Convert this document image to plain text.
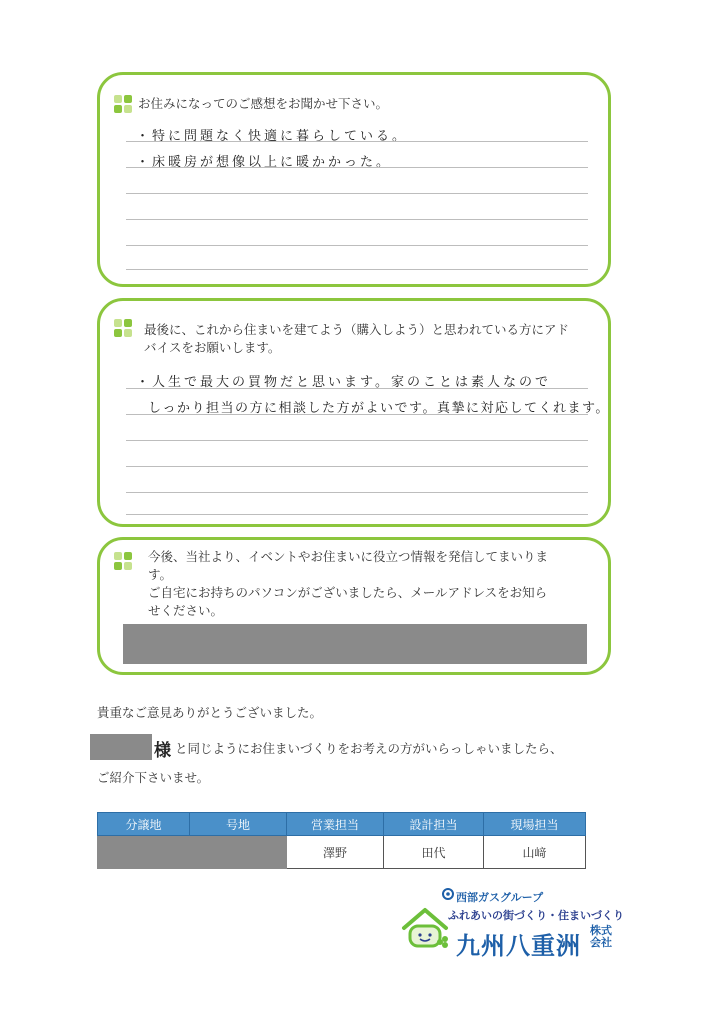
お住みになってのご感想をお聞かせ下さい。
・特に問題なく快適に暮らしている。
・床暖房が想像以上に暖かかった。
最後に、これから住まいを建てよう（購入しよう）と思われている方にアド
バイスをお願いします。
・人生で最大の買物だと思います。家のことは素人なので
しっかり担当の方に相談した方がよいです。真摯に対応してくれます。
今後、当社より、イベントやお住まいに役立つ情報を発信してまいりま
す。
ご自宅にお持ちのパソコンがございましたら、メールアドレスをお知ら
せください。
貴重なご意見ありがとうございました。
様 と同じようにお住まいづくりをお考えの方がいらっしゃいましたら、
ご紹介下さいませ。
分譲地	号地	営業担当	設計担当	現場担当
		澤野	田代	山﨑
西部ガスグループ
ふれあいの街づくり・住まいづくり
九州八重洲
株式会社
